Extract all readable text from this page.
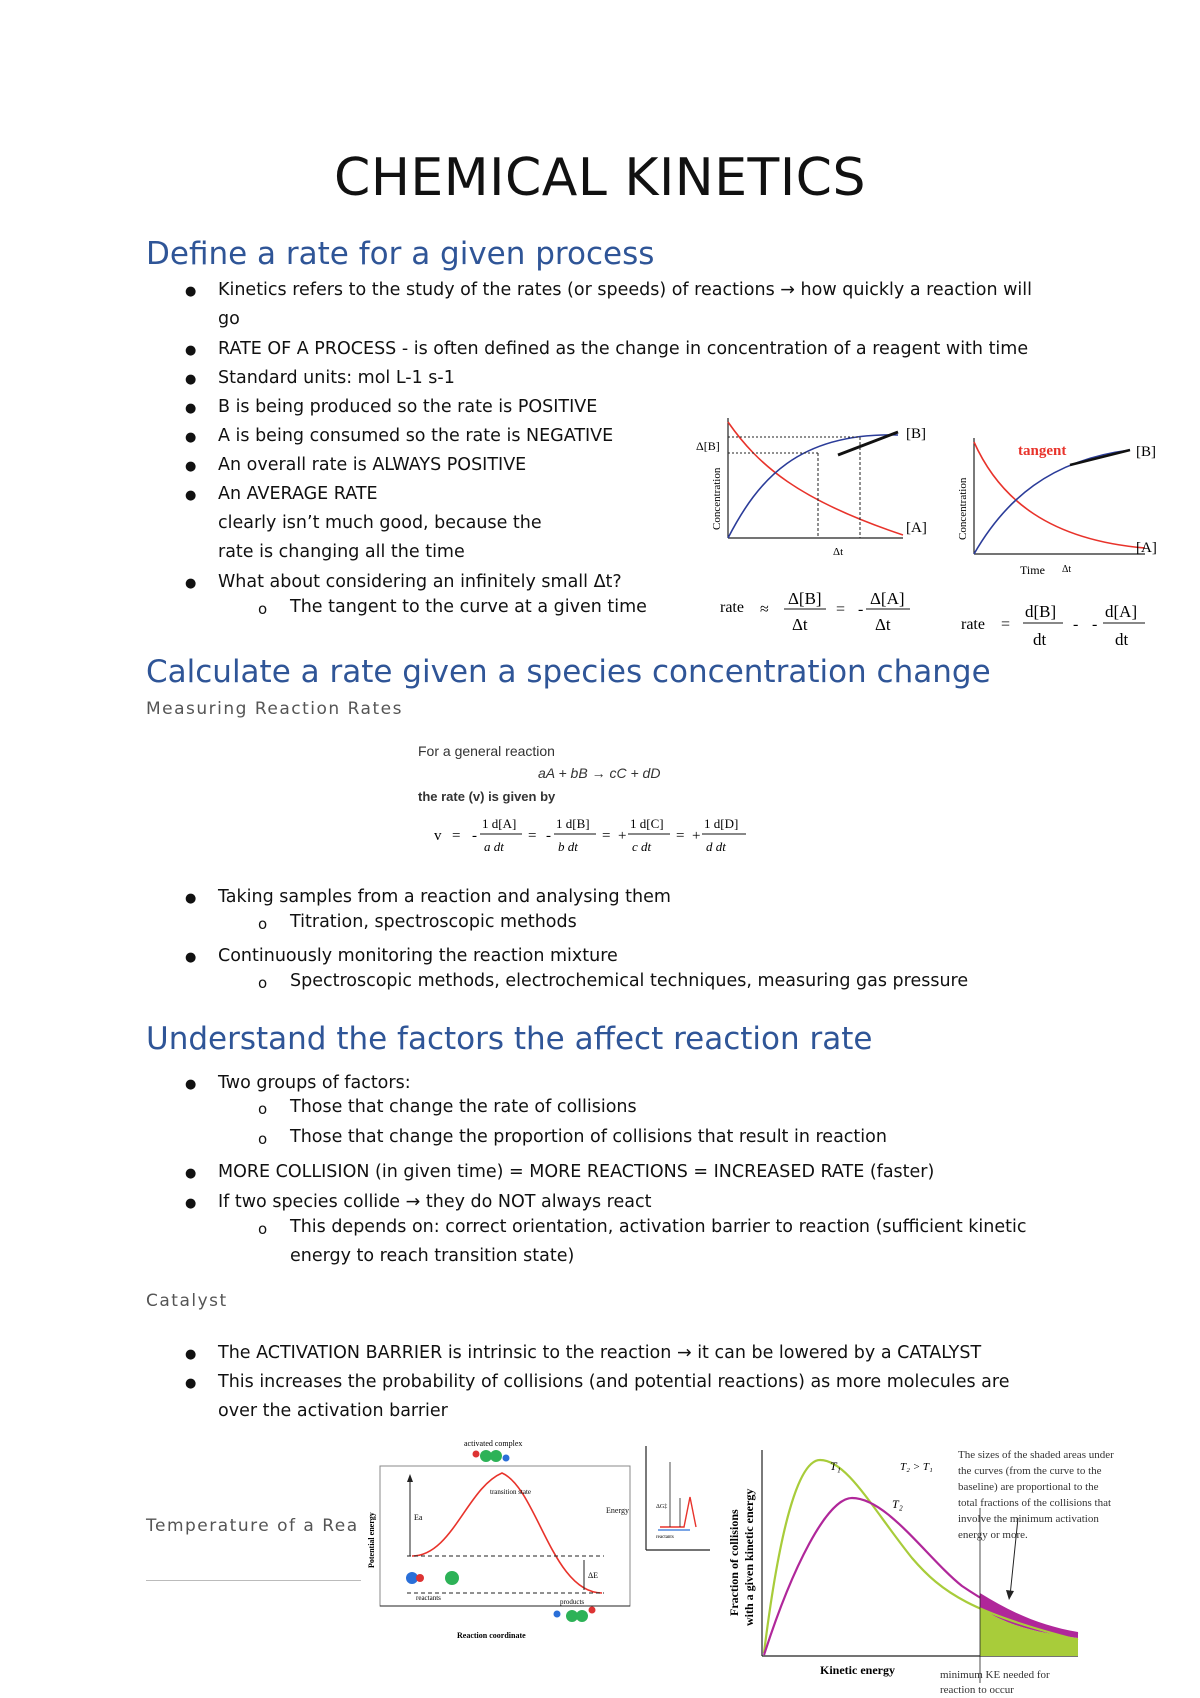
CHEMICAL KINETICS
Define a rate for a given process
● Kinetics refers to the study of the rates (or speeds) of reactions → how quickly a reaction will
go
● RATE OF A PROCESS - is often defined as the change in concentration of a reagent with time
● Standard units: mol L-1 s-1
● B is being produced so the rate is POSITIVE
● A is being consumed so the rate is NEGATIVE
● An overall rate is ALWAYS POSITIVE
● An AVERAGE RATE
clearly isn’t much good, because the
rate is changing all the time
● What about considering an infinitely small Δt?
o The tangent to the curve at a given time
Δ[B]
[B]
[A]
Δt
Concentration
rate ≈
Δ[B]
Δt
= -
Δ[A]
Δt
tangent	[B]
[A]
Time Δt
Concentration
rate =
d[B]
dt
- -
d[A]
dt
Calculate a rate given a species concentration change
Measuring Reaction Rates
For a general reaction
aA + bB → cC + dD
the rate (v) is given by
v = -
1 d[A]
a dt
= -
1 d[B]
b dt
= +
1 d[C]
c dt
= +
1 d[D]
d dt
● Taking samples from a reaction and analysing them
o Titration, spectroscopic methods
● Continuously monitoring the reaction mixture
o Spectroscopic methods, electrochemical techniques, measuring gas pressure
Understand the factors the affect reaction rate
● Two groups of factors:
o Those that change the rate of collisions
o Those that change the proportion of collisions that result in reaction
● MORE COLLISION (in given time) = MORE REACTIONS = INCREASED RATE (faster)
● If two species collide → they do NOT always react
o This depends on: correct orientation, activation barrier to reaction (sufficient kinetic
energy to reach transition state)
Catalyst
● The ACTIVATION BARRIER is intrinsic to the reaction → it can be lowered by a CATALYST
● This increases the probability of collisions (and potential reactions) as more molecules are
over the activation barrier
Temperature of a Rea
activated complex
transition state
Ea
ΔE
reactants	products
Reaction coordinate
Potential energy
ΔG‡
reactants
Energy
T₁
T₂
T₂ > T₁
The sizes of the shaded areas under
the curves (from the curve to the
baseline) are proportional to the
total fractions of the collisions that
involve the minimum activation
energy or more.
Kinetic energy	minimum KE needed for
reaction to occur
Fraction of collisions with a given kinetic energy
